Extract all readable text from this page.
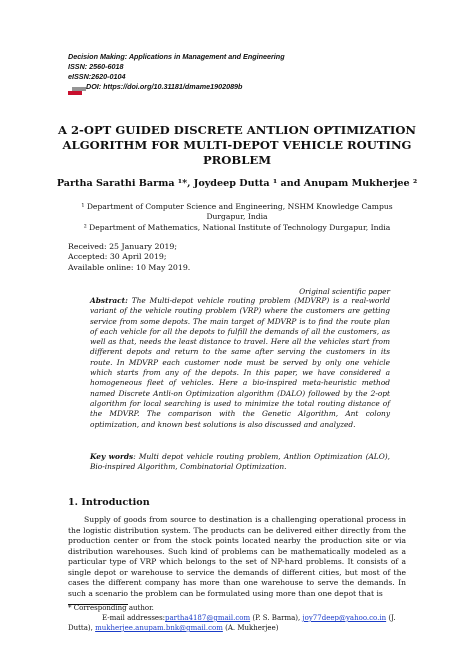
Decision Making: Applications in Management and Engineering
ISSN: 2560-6018
eISSN:2620-0104
DOI: https://doi.org/10.31181/dmame1902089b
A 2-OPT GUIDED DISCRETE ANTLION OPTIMIZATION
ALGORITHM FOR MULTI-DEPOT VEHICLE ROUTING
PROBLEM
Partha Sarathi Barma ¹*, Joydeep Dutta ¹ and Anupam Mukherjee ²
¹ Department of Computer Science and Engineering, NSHM Knowledge Campus
Durgapur, India
² Department of Mathematics, National Institute of Technology Durgapur, India
Received: 25 January 2019;
Accepted: 30 April 2019;
Available online: 10 May 2019.
Original scientific paper
Abstract: The Multi-depot vehicle routing problem (MDVRP) is a real-world variant of the vehicle routing problem (VRP) where the customers are getting service from some depots. The main target of MDVRP is to find the route plan of each vehicle for all the depots to fulfill the demands of all the customers, as well as that, needs the least distance to travel. Here all the vehicles start from different depots and return to the same after serving the customers in its route. In MDVRP each customer node must be served by only one vehicle which starts from any of the depots. In this paper, we have considered a homogeneous fleet of vehicles. Here a bio-inspired meta-heuristic method named Discrete Antli-on Optimization algorithm (DALO) followed by the 2-opt algorithm for local searching is used to minimize the total routing distance of the MDVRP. The comparison with the Genetic Algorithm, Ant colony optimization, and known best solutions is also discussed and analyzed.
Key words: Multi depot vehicle routing problem, Antlion Optimization (ALO), Bio-inspired Algorithm, Combinatorial Optimization.
1. Introduction
Supply of goods from source to destination is a challenging operational process in the logistic distribution system. The products can be delivered either directly from the production center or from the stock points located nearby the production site or via distribution warehouses. Such kind of problems can be mathematically modeled as a particular type of VRP which belongs to the set of NP-hard problems. It consists of a single depot or warehouse to service the demands of different cities, but most of the cases the different company has more than one warehouse to serve the demands. In such a scenario the problem can be formulated using more than one depot that is
* Corresponding author.
E-mail addresses:partha4187@gmail.com (P. S. Barma), joy77deep@yahoo.co.in (J.
Dutta), mukherjee.anupam.bnk@gmail.com (A. Mukherjee)
